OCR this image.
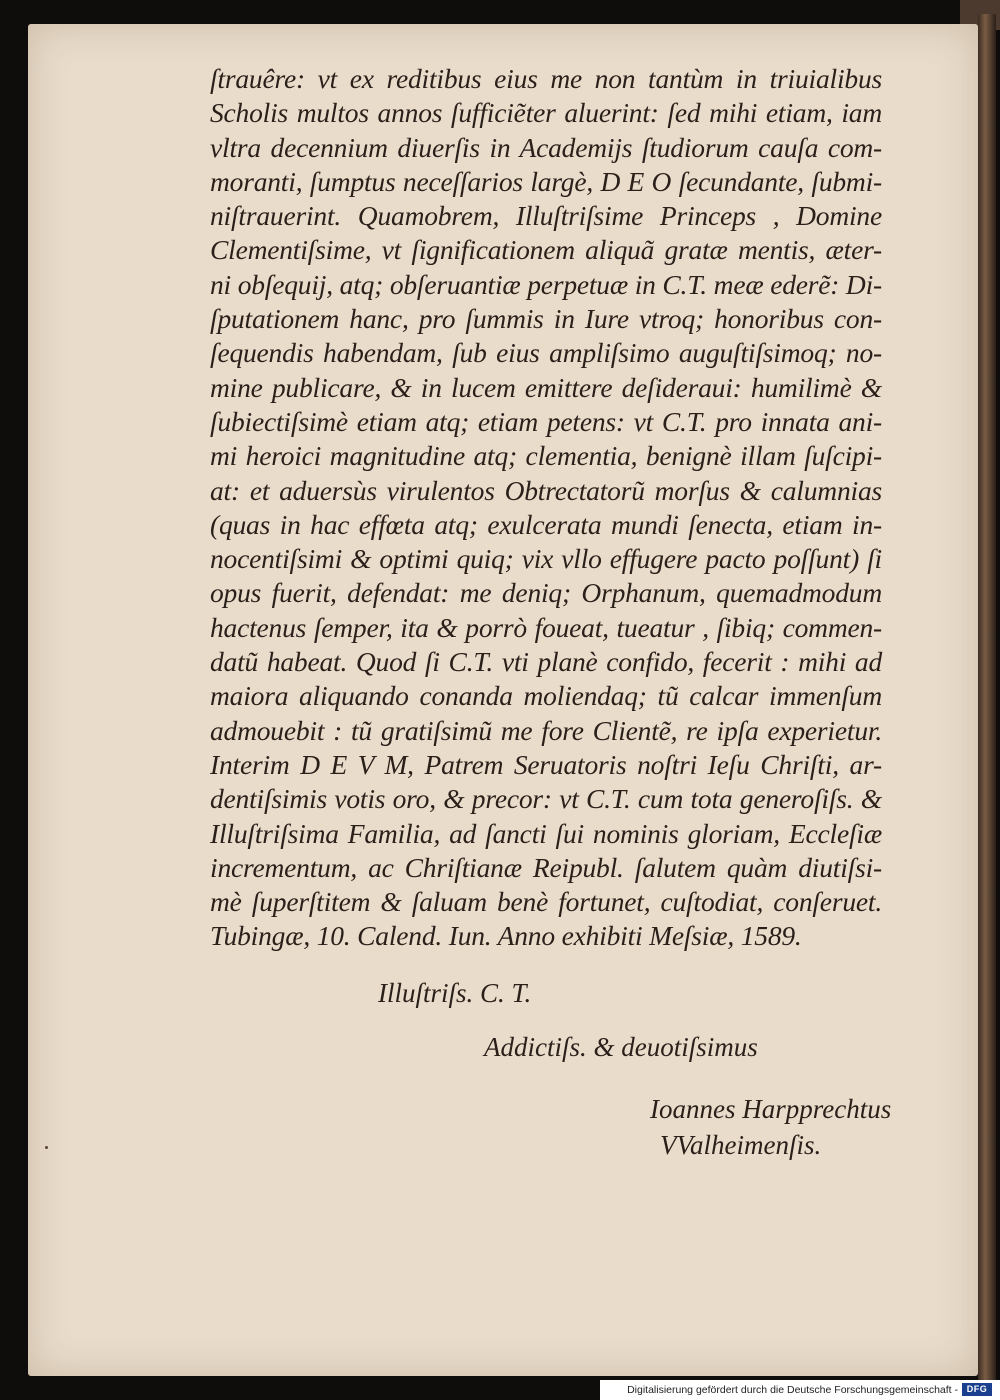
ſtrauêre: vt ex reditibus eius me non tantùm in triuialibus
Scholis multos annos ſufficiẽter aluerint: ſed mihi etiam, iam
vltra decennium diuerſis in Academijs ſtudiorum cauſa com-
moranti, ſumptus neceſſarios largè, D E O ſecundante, ſubmi-
niſtrauerint. Quamobrem, Illuſtriſsime Princeps , Domine
Clementiſsime, vt ſignificationem aliquã gratæ mentis, æter-
ni obſequij, atq; obſeruantiæ perpetuæ in C.T. meæ ederẽ: Di-
ſputationem hanc, pro ſummis in Iure vtroq; honoribus con-
ſequendis habendam, ſub eius ampliſsimo auguſtiſsimoq; no-
mine publicare, & in lucem emittere deſideraui: humilimè &
ſubiectiſsimè etiam atq; etiam petens: vt C.T. pro innata ani-
mi heroici magnitudine atq; clementia, benignè illam ſuſcipi-
at: et aduersùs virulentos Obtrectatorũ morſus & calumnias
(quas in hac effœta atq; exulcerata mundi ſenecta, etiam in-
nocentiſsimi & optimi quiq; vix vllo effugere pacto poſſunt) ſi
opus fuerit, defendat: me deniq; Orphanum, quemadmodum
hactenus ſemper, ita & porrò foueat, tueatur , ſibiq; commen-
datũ habeat. Quod ſi C.T. vti planè confido, fecerit : mihi ad
maiora aliquando conanda moliendaq; tũ calcar immenſum
admouebit : tũ gratiſsimũ me fore Clientẽ, re ipſa experietur.
Interim D E V M, Patrem Seruatoris noſtri Ieſu Chriſti, ar-
dentiſsimis votis oro, & precor: vt C.T. cum tota generoſiſs. &
Illuſtriſsima Familia, ad ſancti ſui nominis gloriam, Eccleſiæ
incrementum, ac Chriſtianæ Reipubl. ſalutem quàm diutiſsi-
mè ſuperſtitem & ſaluam benè fortunet, cuſtodiat, conſeruet.
Tubingæ, 10. Calend. Iun. Anno exhibiti Meſsiæ, 1589.
Illuſtriſs. C. T.
Addictiſs. & deuotiſsimus
Ioannes Harpprechtus
VValheimenſis.
Digitalisierung gefördert durch die Deutsche Forschungsgemeinschaft - DFG
